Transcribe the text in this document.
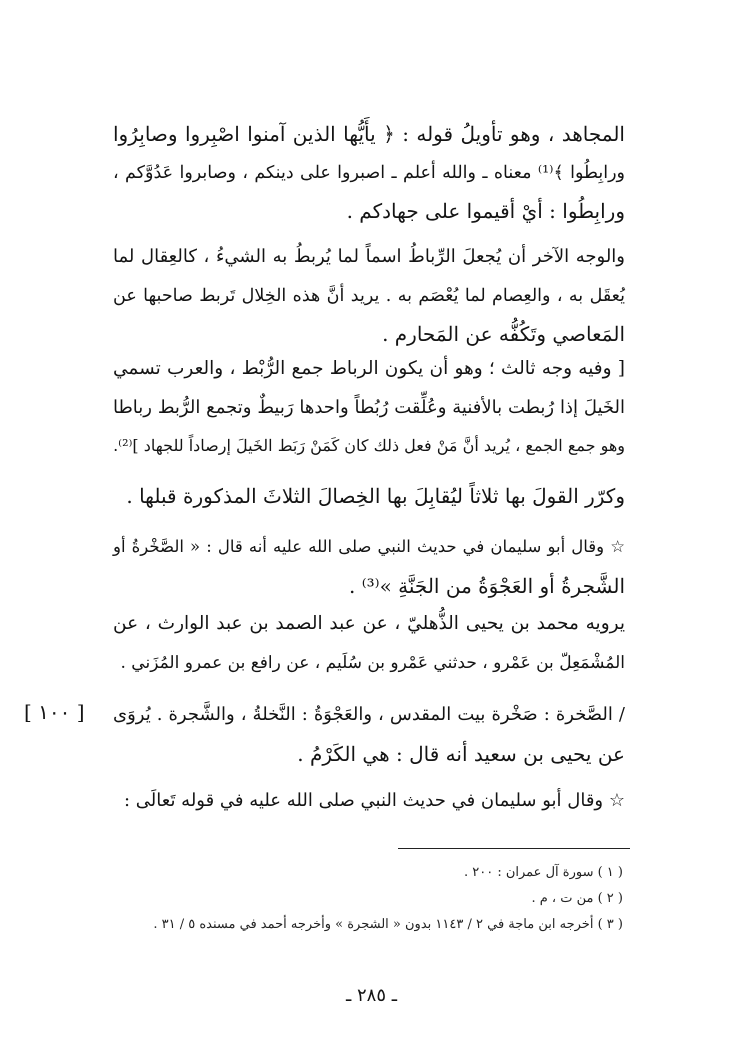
المجاهد ، وهو تأويلُ قوله : ﴿ يأَيُّها الذين آمنوا اصْبِروا وصابِرُوا
ورابِطُوا ﴾⁽¹⁾ معناه ـ والله أعلم ـ اصبروا على دينكم ، وصابروا عَدُوَّكم ،
ورابِطُوا : أيْ أقيموا على جهادكم .
والوجه الآخر أن يُجعلَ الرِّباطُ اسماً لما يُربطُ به الشيءُ ، كالعِقال لما
يُعقَل به ، والعِصام لما يُعْصَم به . يريد أنَّ هذه الخِلال تَربط صاحبها عن
المَعاصي وتَكُفُّه عن المَحارم .
[ وفيه وجه ثالث ؛ وهو أن يكون الرباط جمع الرُّبْط ، والعرب تسمي
الخَيلَ إذا رُبطت بالأفنية وعُلِّقت رُبُطاً واحدها رَبيطٌ وتجمع الرُّبط رباطا
وهو جمع الجمع ، يُريد أنَّ مَنْ فعل ذلك كان كَمَنْ رَبَط الخَيلَ إرصاداً للجهاد ]⁽²⁾.
وكرّر القولَ بها ثلاثاً ليُقابِلَ بها الخِصالَ الثلاثَ المذكورة قبلها .
☆ وقال أبو سليمان في حديث النبي صلى الله عليه أنه قال : « الصَّخْرةُ أو
الشَّجرةُ أو العَجْوَةُ من الجَنَّةِ »⁽³⁾ .
يرويه محمد بن يحيى الذُّهليّ ، عن عبد الصمد بن عبد الوارث ، عن
المُشْمَعِلّ بن عَمْرو ، حدثني عَمْرو بن سُلَيم ، عن رافع بن عمرو المُزَني .
/ الصَّخرة : صَخْرة بيت المقدس ، والعَجْوَةُ : النَّخلةُ ، والشَّجرة . يُروَى
عن يحيى بن سعيد أنه قال : هي الكَرْمُ .
☆ وقال أبو سليمان في حديث النبي صلى الله عليه في قوله تَعالَى :
[ ١٠٠ ]
( ١ ) سورة آل عمران : ٢٠٠ .
( ٢ ) من ت ، م .
( ٣ ) أخرجه ابن ماجة في ٢ / ١١٤٣ بدون « الشجرة » وأخرجه أحمد في مسنده ٥ / ٣١ .
ـ ٢٨٥ ـ
